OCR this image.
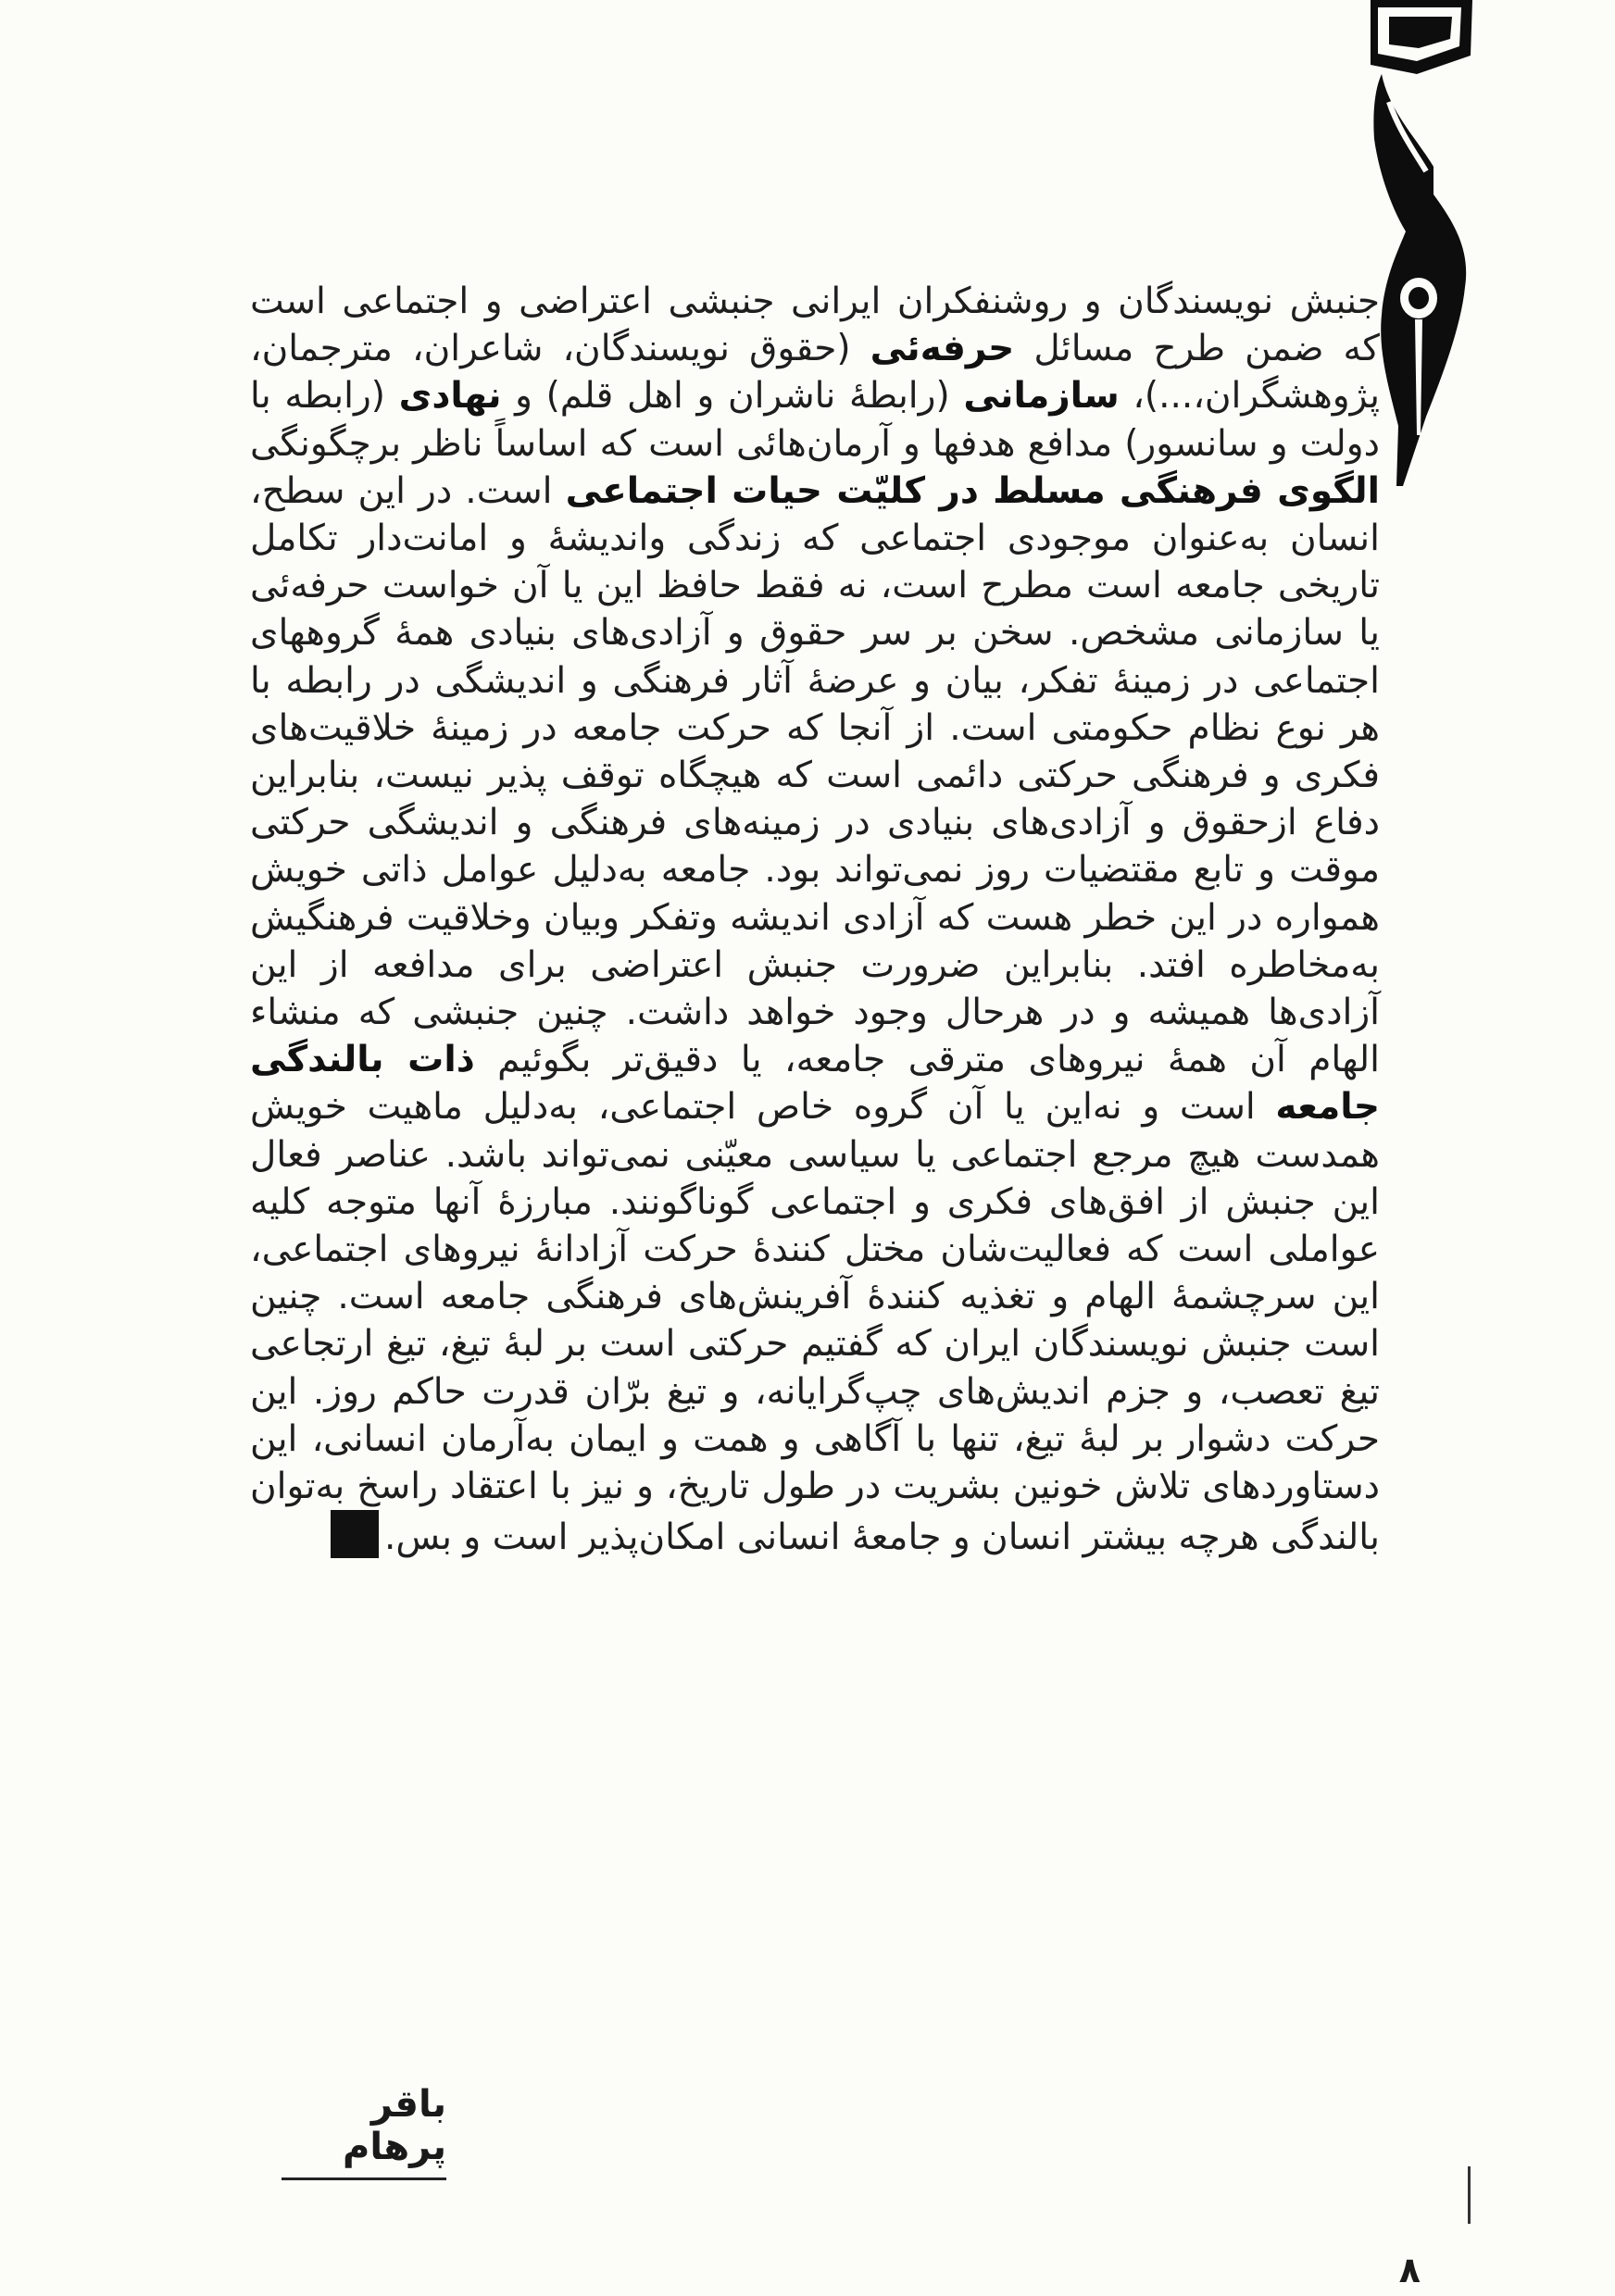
جنبش نویسندگان و روشنفکران ایرانی جنبشی اعتراضی و اجتماعی است که ضمن طرح مسائل حرفه‌ئی (حقوق نویسندگان، شاعران، مترجمان، پژوهشگران،...)، سازمانی (رابطهٔ ناشران و اهل قلم) و نهادی (رابطه با دولت و سانسور) مدافع هدفها و آرمان‌هائی است که اساساً ناظر برچگونگی الگوی فرهنگی مسلط در کلیّت حیات اجتماعی است. در این سطح، انسان به‌عنوان موجودی اجتماعی که زندگی واندیشهٔ و امانت‌دار تکامل تاریخی جامعه است مطرح است، نه فقط حافظ این یا آن خواست حرفه‌ئی یا سازمانی مشخص. سخن بر سر حقوق و آزادی‌های بنیادی همهٔ گروههای اجتماعی در زمینهٔ تفکر، بیان و عرضهٔ آثار فرهنگی و اندیشگی در رابطه با هر نوع نظام حکومتی است. از آنجا که حرکت جامعه در زمینهٔ خلاقیت‌های فکری و فرهنگی حرکتی دائمی است که هیچگاه توقف پذیر نیست، بنابراین دفاع ازحقوق و آزادی‌های بنیادی در زمینه‌های فرهنگی و اندیشگی حرکتی موقت و تابع مقتضیات روز نمی‌تواند بود. جامعه به‌دلیل عوامل ذاتی خویش همواره در این خطر هست که آزادی اندیشه وتفکر وبیان وخلاقیت فرهنگیش به‌مخاطره افتد. بنابراین ضرورت جنبش اعتراضی برای مدافعه از این آزادی‌ها همیشه و در هرحال وجود خواهد داشت. چنین جنبشی که منشاء الهام آن همهٔ نیروهای مترقی جامعه، یا دقیق‌تر بگوئیم ذات بالندگی جامعه است و نه‌این یا آن گروه خاص اجتماعی، به‌دلیل ماهیت خویش همدست هیچ مرجع اجتماعی یا سیاسی معیّنی نمی‌تواند باشد. عناصر فعال این جنبش از افق‌های فکری و اجتماعی گوناگونند. مبارزهٔ آنها متوجه کلیه عواملی است که فعالیت‌شان مختل کنندهٔ حرکت آزادانهٔ نیروهای اجتماعی، این سرچشمهٔ الهام و تغذیه کنندهٔ آفرینش‌های فرهنگی جامعه است. چنین است جنبش نویسندگان ایران که گفتیم حرکتی است بر لبهٔ تیغ، تیغ ارتجاعی تیغ تعصب، و جزم اندیش‌های چپ‌گرایانه، و تیغ برّان قدرت حاکم روز. این حرکت دشوار بر لبهٔ تیغ، تنها با آگاهی و همت و ایمان به‌آرمان انسانی، این دستاوردهای تلاش خونین بشریت در طول تاریخ، و نیز با اعتقاد راسخ به‌توان بالندگی هرچه بیشتر انسان و جامعهٔ انسانی امکان‌پذیر است و بس.
باقر پرهام
۸
